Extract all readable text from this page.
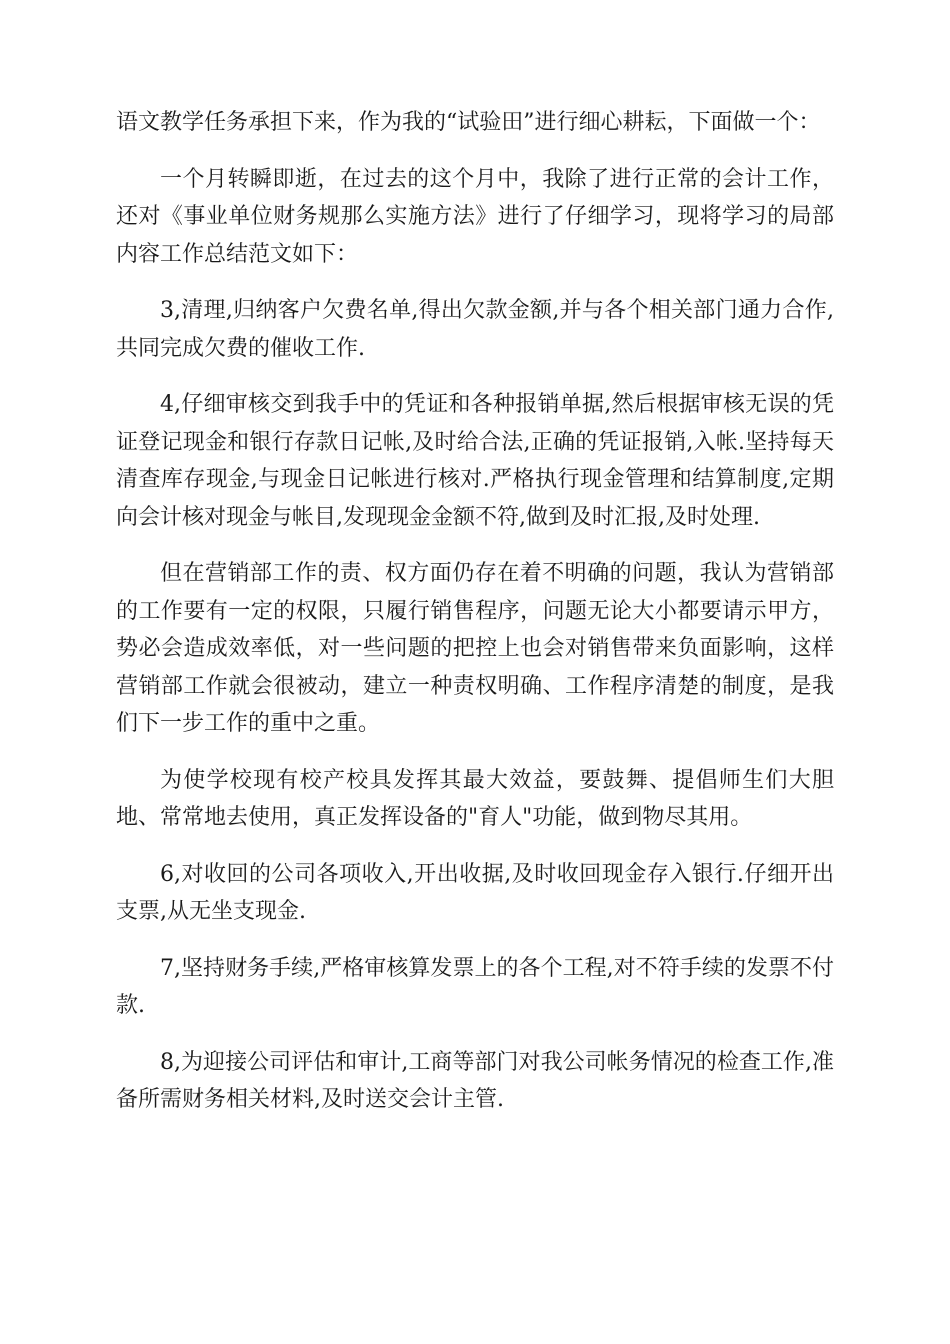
语文教学任务承担下来，作为我的“试验田”进行细心耕耘，下面做一个：

一个月转瞬即逝，在过去的这个月中，我除了进行正常的会计工作，还对《事业单位财务规那么实施方法》进行了仔细学习，现将学习的局部内容工作总结范文如下：

3,清理,归纳客户欠费名单,得出欠款金额,并与各个相关部门通力合作,共同完成欠费的催收工作.

4,仔细审核交到我手中的凭证和各种报销单据,然后根据审核无误的凭证登记现金和银行存款日记帐,及时给合法,正确的凭证报销,入帐.坚持每天清查库存现金,与现金日记帐进行核对.严格执行现金管理和结算制度,定期向会计核对现金与帐目,发现现金金额不符,做到及时汇报,及时处理.

但在营销部工作的责、权方面仍存在着不明确的问题，我认为营销部的工作要有一定的权限，只履行销售程序，问题无论大小都要请示甲方，势必会造成效率低，对一些问题的把控上也会对销售带来负面影响，这样营销部工作就会很被动，建立一种责权明确、工作程序清楚的制度，是我们下一步工作的重中之重。

为使学校现有校产校具发挥其最大效益，要鼓舞、提倡师生们大胆地、常常地去使用，真正发挥设备的"育人"功能，做到物尽其用。

6,对收回的公司各项收入,开出收据,及时收回现金存入银行.仔细开出支票,从无坐支现金.

7,坚持财务手续,严格审核算发票上的各个工程,对不符手续的发票不付款.

8,为迎接公司评估和审计,工商等部门对我公司帐务情况的检查工作,准备所需财务相关材料,及时送交会计主管.
